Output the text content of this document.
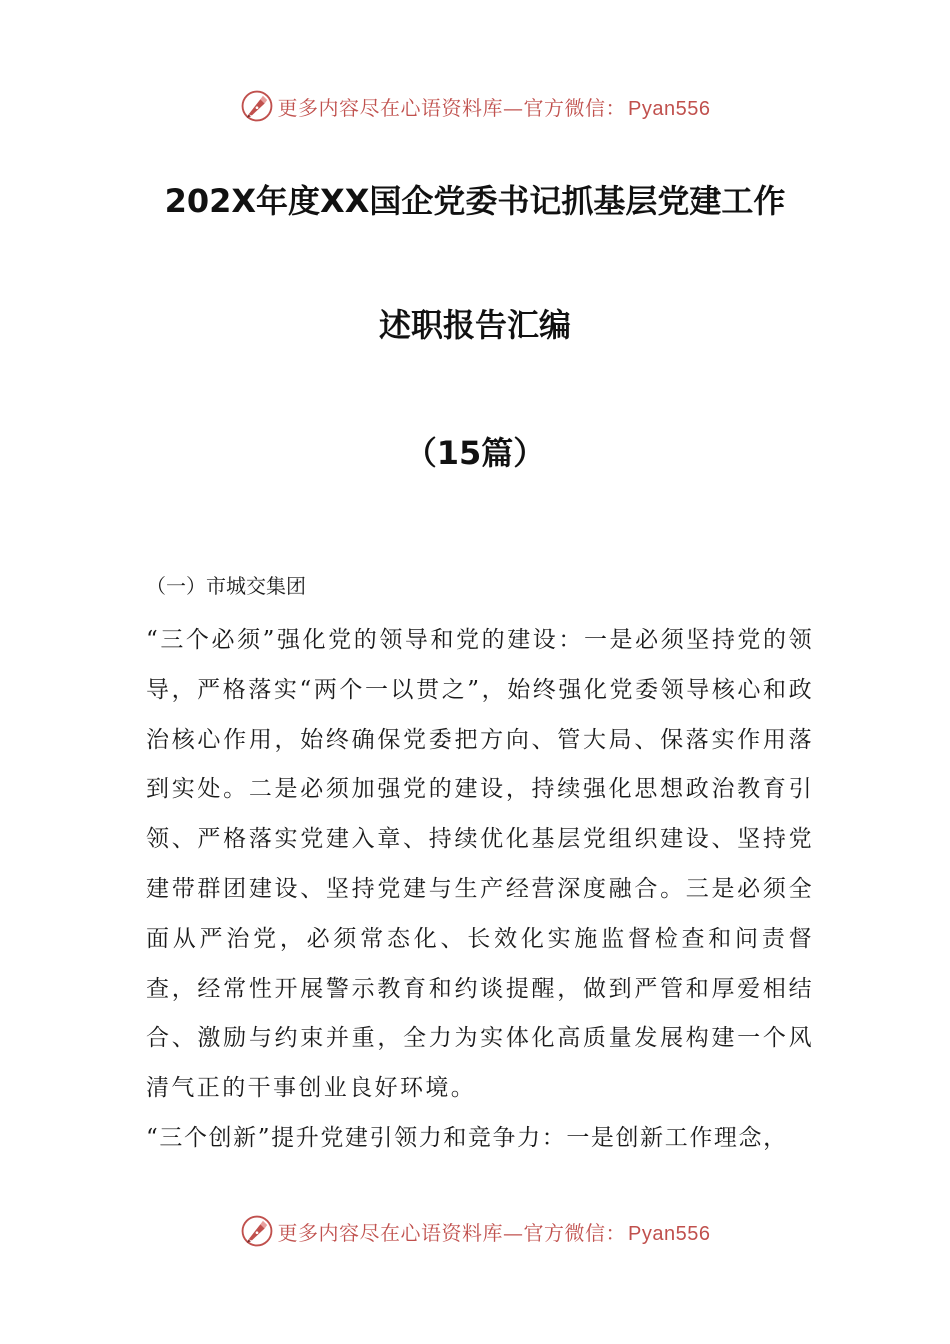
更多内容尽在心语资料库—官方微信： Pyan556
202X年度XX国企党委书记抓基层党建工作
述职报告汇编
（15篇）
（一）市城交集团

“三个必须”强化党的领导和党的建设：一是必须坚持党的领导，严格落实“两个一以贯之”，始终强化党委领导核心和政治核心作用，始终确保党委把方向、管大局、保落实作用落到实处。二是必须加强党的建设，持续强化思想政治教育引领、严格落实党建入章、持续优化基层党组织建设、坚持党建带群团建设、坚持党建与生产经营深度融合。三是必须全面从严治党，必须常态化、长效化实施监督检查和问责督查，经常性开展警示教育和约谈提醒，做到严管和厚爱相结合、激励与约束并重，全力为实体化高质量发展构建一个风清气正的干事创业良好环境。

“三个创新”提升党建引领力和竞争力：一是创新工作理念，

更多内容尽在心语资料库—官方微信： Pyan556
